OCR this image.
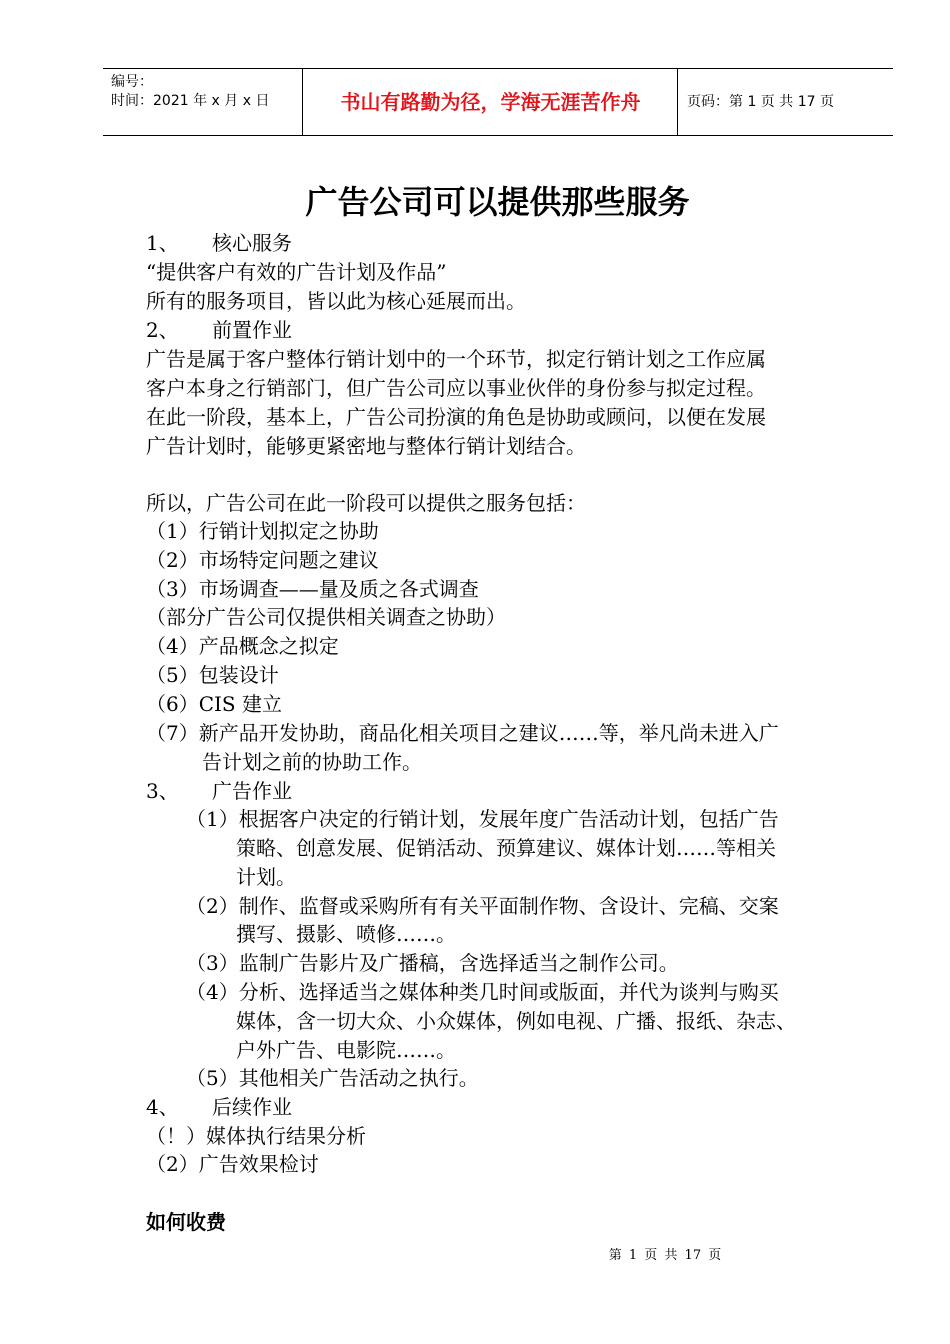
编号：
时间：2021 年 x 月 x 日	书山有路勤为径，学海无涯苦作舟	页码：第 1 页 共 17 页
广告公司可以提供那些服务
1、 核心服务
“提供客户有效的广告计划及作品”
所有的服务项目，皆以此为核心延展而出。
2、 前置作业
广告是属于客户整体行销计划中的一个环节，拟定行销计划之工作应属
客户本身之行销部门，但广告公司应以事业伙伴的身份参与拟定过程。
在此一阶段，基本上，广告公司扮演的角色是协助或顾问，以便在发展
广告计划时，能够更紧密地与整体行销计划结合。
所以，广告公司在此一阶段可以提供之服务包括：
（1）行销计划拟定之协助
（2）市场特定问题之建议
（3）市场调查——量及质之各式调查
（部分广告公司仅提供相关调查之协助）
（4）产品概念之拟定
（5）包装设计
（6）CIS 建立
（7）新产品开发协助，商品化相关项目之建议……等，举凡尚未进入广
告计划之前的协助工作。
3、 广告作业
（1）根据客户决定的行销计划，发展年度广告活动计划，包括广告
策略、创意发展、促销活动、预算建议、媒体计划……等相关
计划。
（2）制作、监督或采购所有有关平面制作物、含设计、完稿、交案
撰写、摄影、喷修……。
（3）监制广告影片及广播稿，含选择适当之制作公司。
（4）分析、选择适当之媒体种类几时间或版面，并代为谈判与购买
媒体，含一切大众、小众媒体，例如电视、广播、报纸、杂志、
户外广告、电影院……。
（5）其他相关广告活动之执行。
4、 后续作业
（！）媒体执行结果分析
（2）广告效果检讨
如何收费
第 1 页 共 17 页
